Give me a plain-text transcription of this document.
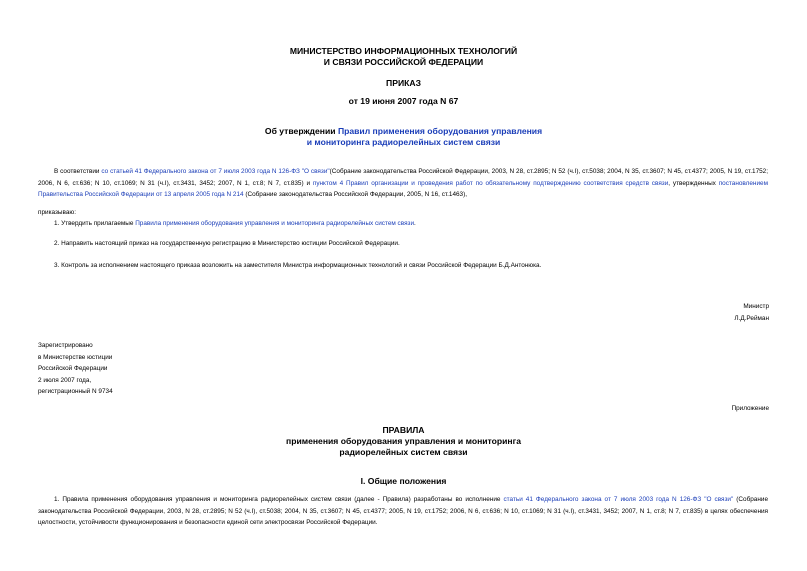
МИНИСТЕРСТВО ИНФОРМАЦИОННЫХ ТЕХНОЛОГИЙ
И СВЯЗИ РОССИЙСКОЙ ФЕДЕРАЦИИ
ПРИКАЗ
от 19 июня 2007 года N 67
Об утверждении Правил применения оборудования управления
и мониторинга радиорелейных систем связи
В соответствии со статьей 41 Федерального закона от 7 июля 2003 года N 126-ФЗ "О связи"(Собрание законодательства Российской Федерации, 2003, N 28, ст.2895; N 52 (ч.I), ст.5038; 2004, N 35, ст.3607; N 45, ст.4377; 2005, N 19, ст.1752; 2006, N 6, ст.636; N 10, ст.1069; N 31 (ч.I), ст.3431, 3452; 2007, N 1, ст.8; N 7, ст.835) и пунктом 4 Правил организации и проведения работ по обязательному подтверждению соответствия средств связи, утвержденных постановлением Правительства Российской Федерации от 13 апреля 2005 года N 214 (Собрание законодательства Российской Федерации, 2005, N 16, ст.1463),
приказываю:
1. Утвердить прилагаемые Правила применения оборудования управления и мониторинга радиорелейных систем связи.
2. Направить настоящий приказ на государственную регистрацию в Министерство юстиции Российской Федерации.
3. Контроль за исполнением настоящего приказа возложить на заместителя Министра информационных технологий и связи Российской Федерации Б.Д.Антонюка.
Министр
Л.Д.Рейман
Зарегистрировано
в Министерстве юстиции
Российской Федерации
2 июля 2007 года,
регистрационный N 9734
Приложение
ПРАВИЛА
применения оборудования управления и мониторинга
радиорелейных систем связи
I. Общие положения
1. Правила применения оборудования управления и мониторинга радиорелейных систем связи (далее - Правила) разработаны во исполнение статьи 41 Федерального закона от 7 июля 2003 года N 126-ФЗ "О связи" (Собрание законодательства Российской Федерации, 2003, N 28, ст.2895; N 52 (ч.I), ст.5038; 2004, N 35, ст.3607; N 45, ст.4377; 2005, N 19, ст.1752; 2006, N 6, ст.636; N 10, ст.1069; N 31 (ч.I), ст.3431, 3452; 2007, N 1, ст.8; N 7, ст.835) в целях обеспечения целостности, устойчивости функционирования и безопасности единой сети электросвязи Российской Федерации.
